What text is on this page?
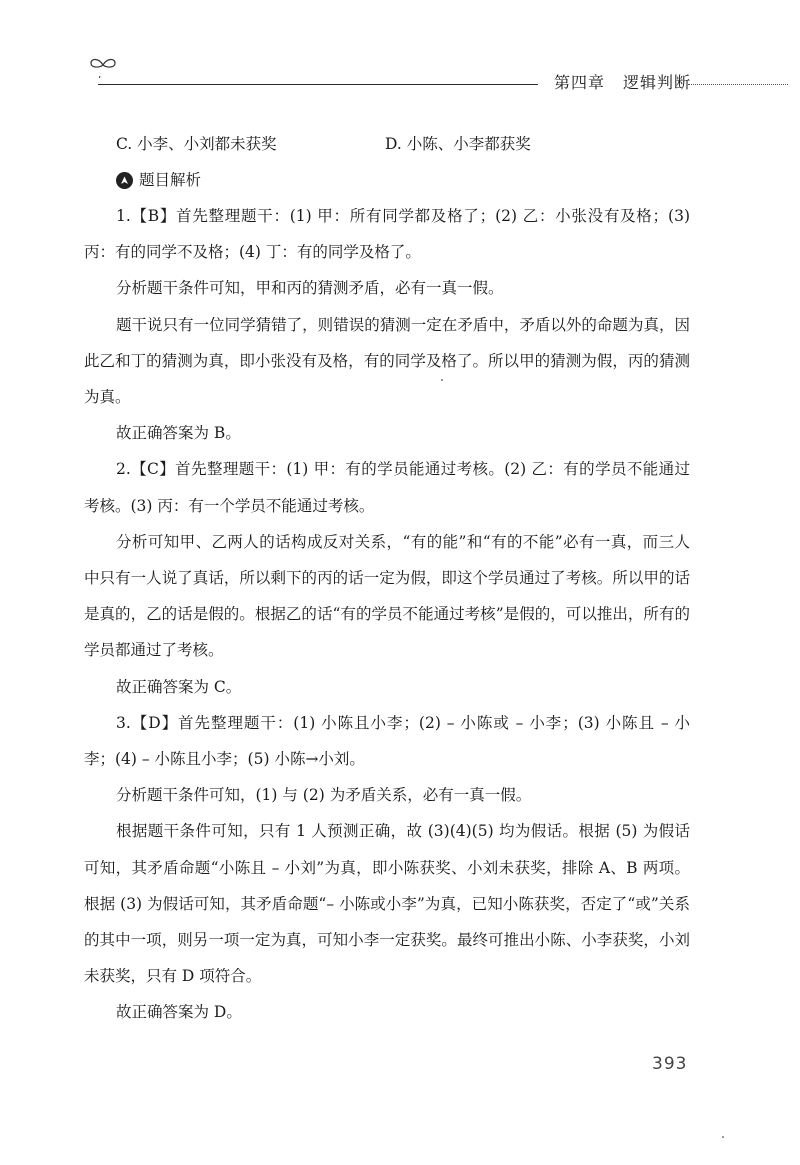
第四章 逻辑判断
C. 小李、小刘都未获奖	D. 小陈、小李都获奖
题目解析

1.【B】首先整理题干：(1) 甲：所有同学都及格了；(2) 乙：小张没有及格；(3) 丙：有的同学不及格；(4) 丁：有的同学及格了。

分析题干条件可知，甲和丙的猜测矛盾，必有一真一假。

题干说只有一位同学猜错了，则错误的猜测一定在矛盾中，矛盾以外的命题为真，因此乙和丁的猜测为真，即小张没有及格，有的同学及格了。所以甲的猜测为假，丙的猜测为真。

故正确答案为 B。

2.【C】首先整理题干：(1) 甲：有的学员能通过考核。(2) 乙：有的学员不能通过考核。(3) 丙：有一个学员不能通过考核。

分析可知甲、乙两人的话构成反对关系，“有的能”和“有的不能”必有一真，而三人中只有一人说了真话，所以剩下的丙的话一定为假，即这个学员通过了考核。所以甲的话是真的，乙的话是假的。根据乙的话“有的学员不能通过考核”是假的，可以推出，所有的学员都通过了考核。

故正确答案为 C。

3.【D】首先整理题干：(1) 小陈且小李；(2) – 小陈或 – 小李；(3) 小陈且 – 小李；(4) – 小陈且小李；(5) 小陈→小刘。

分析题干条件可知，(1) 与 (2) 为矛盾关系，必有一真一假。

根据题干条件可知，只有 1 人预测正确，故 (3)(4)(5) 均为假话。根据 (5) 为假话可知，其矛盾命题“小陈且 – 小刘”为真，即小陈获奖、小刘未获奖，排除 A、B 两项。根据 (3) 为假话可知，其矛盾命题“– 小陈或小李”为真，已知小陈获奖，否定了“或”关系的其中一项，则另一项一定为真，可知小李一定获奖。最终可推出小陈、小李获奖，小刘未获奖，只有 D 项符合。

故正确答案为 D。

393
